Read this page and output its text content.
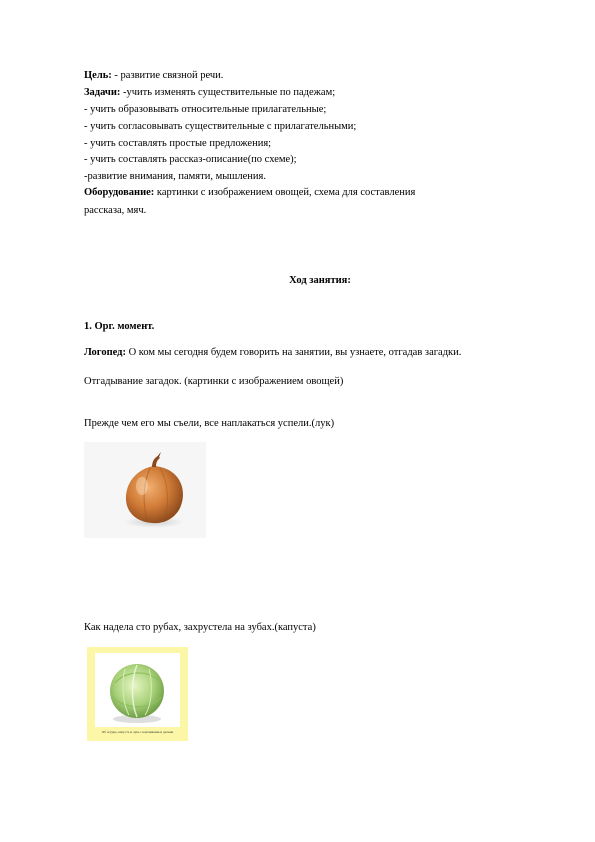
Цель: - развитие связной речи.
Задачи: -учить изменять существительные по падежам;
- учить образовывать относительные прилагательные;
- учить согласовывать существительные с прилагательными;
- учить составлять простые предложения;
- учить составлять рассказ-описание(по схеме);
-развитие внимания, памяти, мышления.
Оборудование: картинки с изображением овощей, схема для составления
рассказа, мяч.
Ход занятия:
1. Орг. момент.
Логопед: О ком мы сегодня будем говорить на занятии, вы узнаете, отгадав загадки.
Отгадывание загадок. (картинки с изображением овощей)
Прежде чем его мы съели, все наплакаться успели.(лук)
Как надела сто рубах, захрустела на зубах.(капуста)
Об огурце, капусте и луке с картинками и детьми
